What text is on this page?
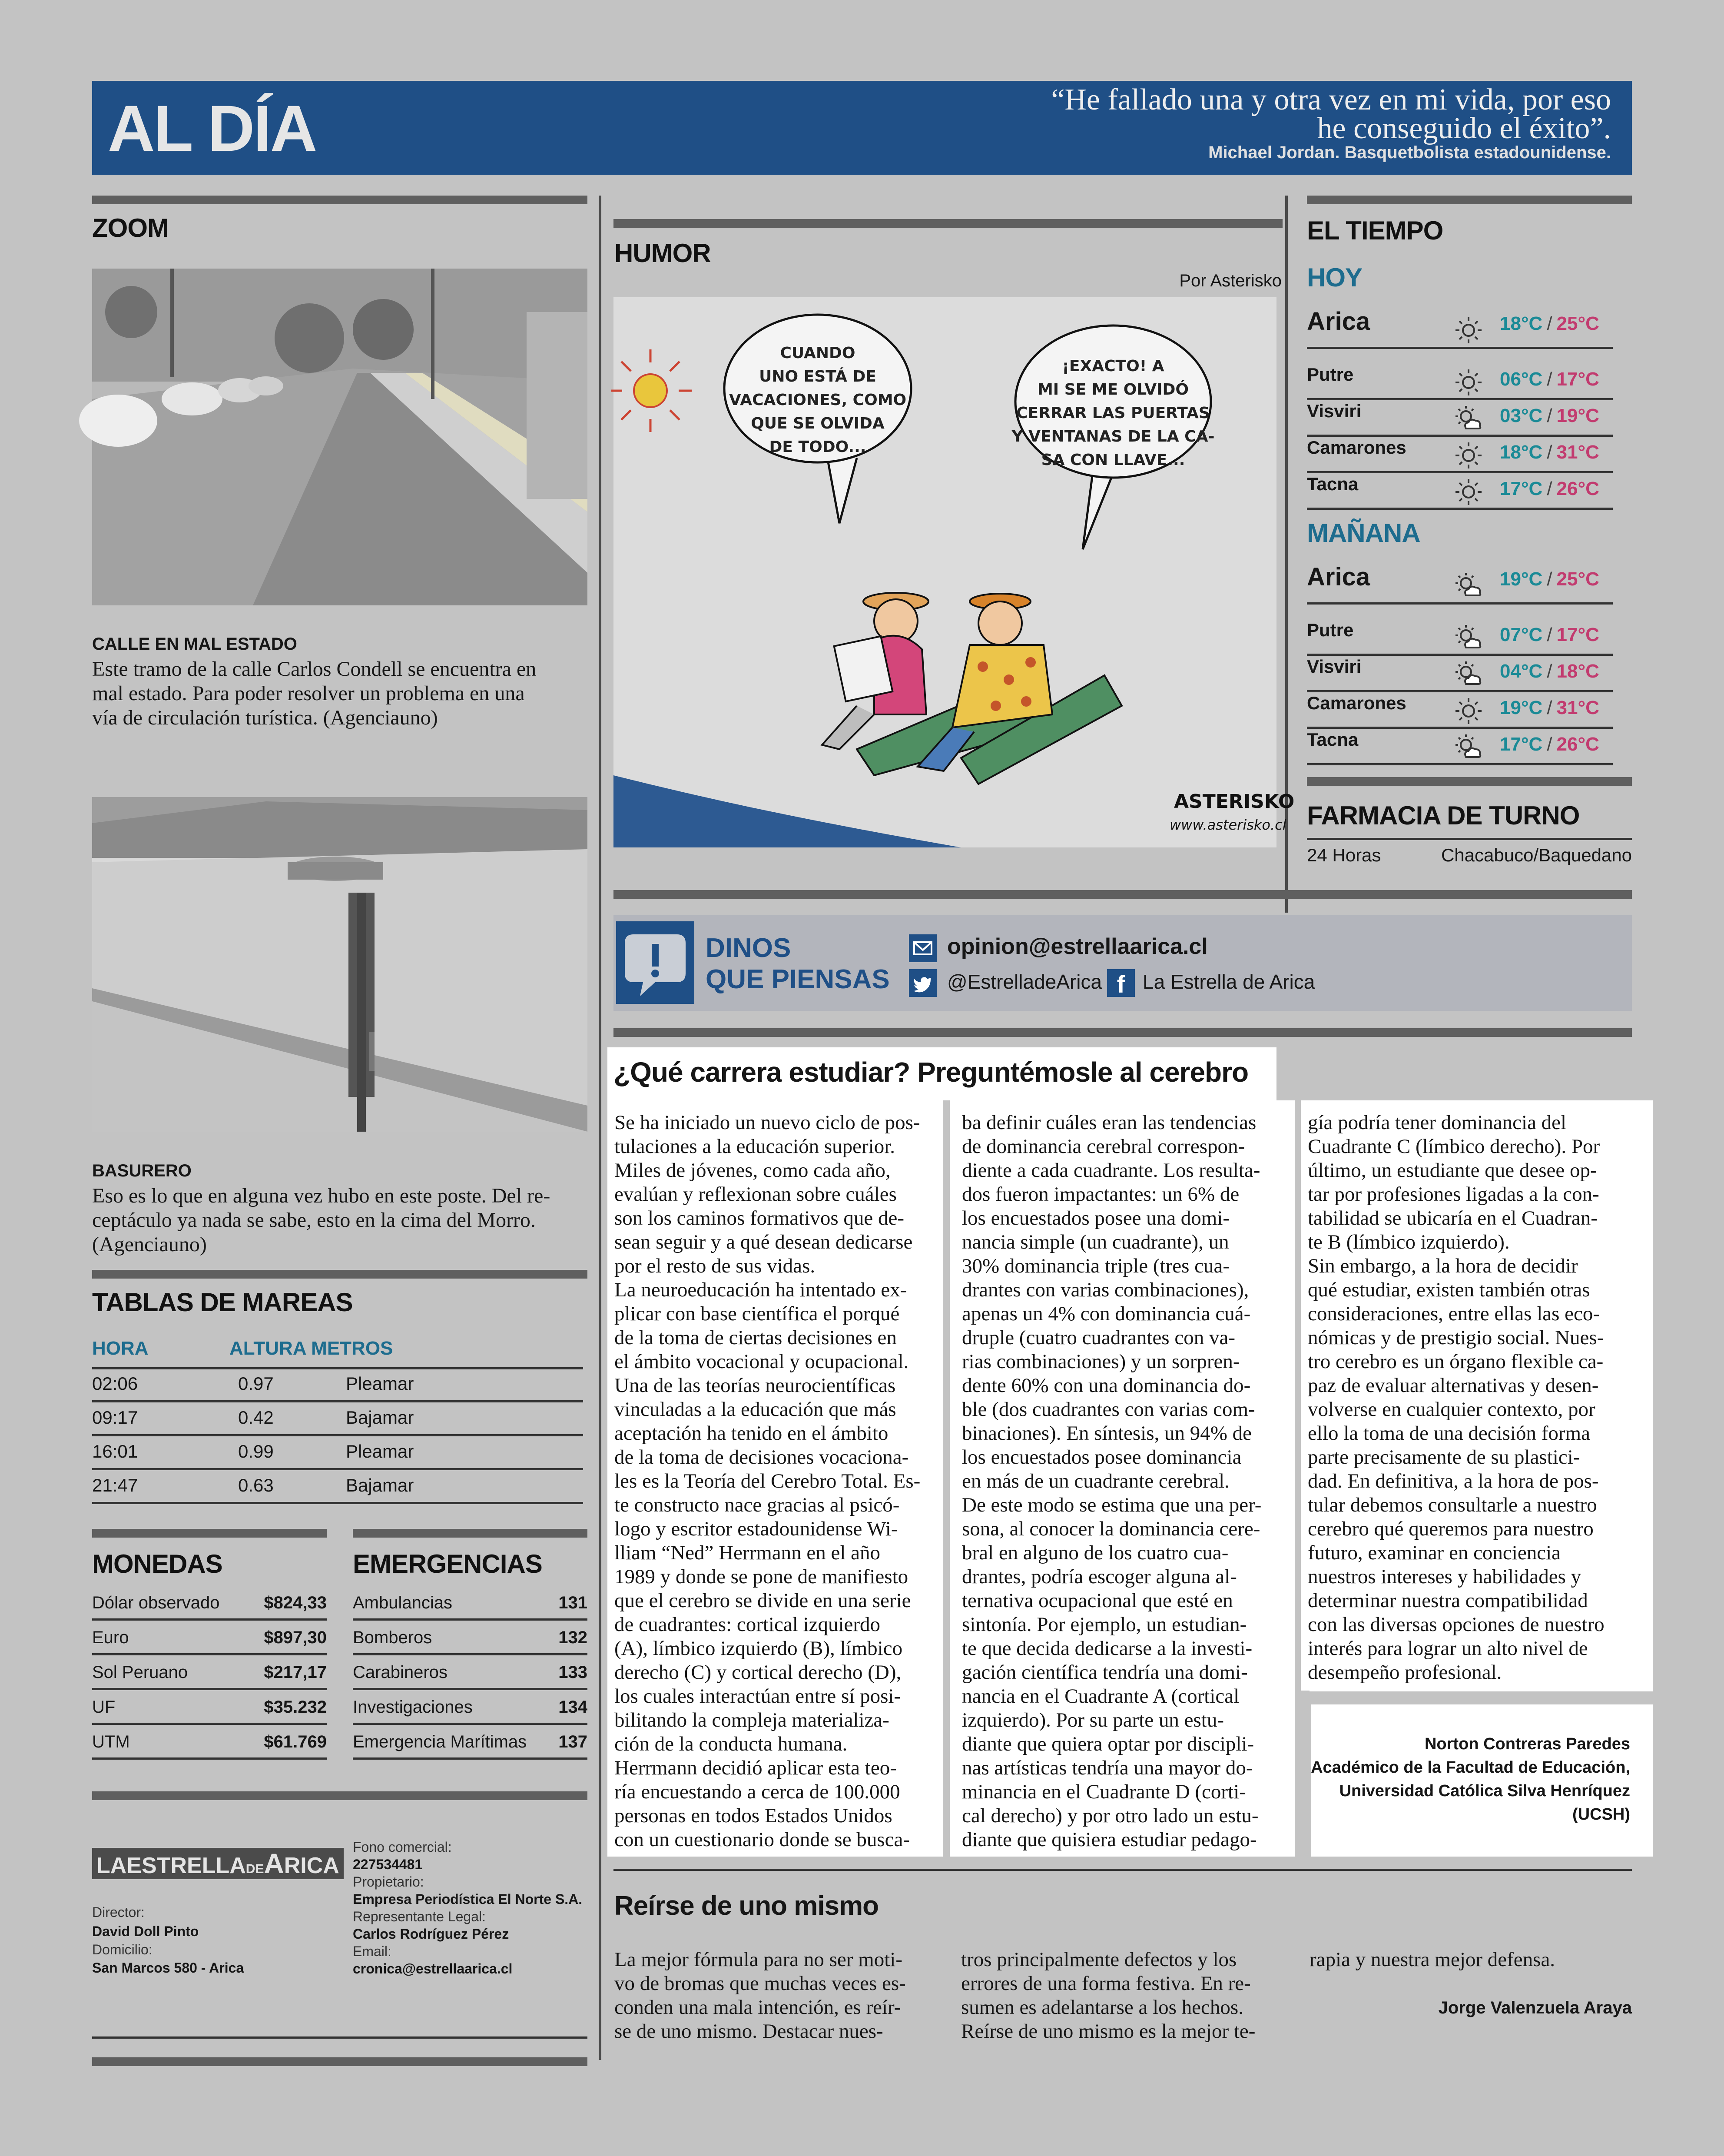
AL DÍA	“He fallado una y otra vez en mi vida, por eso
he conseguido el éxito”.
Michael Jordan. Basquetbolista estadounidense.
ZOOM
CALLE EN MAL ESTADO
Este tramo de la calle Carlos Condell se encuentra en
mal estado. Para poder resolver un problema en una
vía de circulación turística. (Agenciauno)
BASURERO
Eso es lo que en alguna vez hubo en este poste. Del re-
ceptáculo ya nada se sabe, esto en la cima del Morro.
(Agenciauno)
TABLAS DE MAREAS
HORA	ALTURA METROS
02:06	0.97	Pleamar
09:17	0.42	Bajamar
16:01	0.99	Pleamar
21:47	0.63	Bajamar
MONEDAS	EMERGENCIAS
Dólar observado	$824,33
Euro	$897,30
Sol Peruano	$217,17
UF	$35.232
UTM	$61.769
Ambulancias	131
Bomberos	132
Carabineros	133
Investigaciones	134
Emergencia Marítimas 137
LAESTRELLADEARICA
Director:
David Doll Pinto
Domicilio:
San Marcos 580 - Arica
Fono comercial:
227534481
Propietario:
Empresa Periodística El Norte S.A.
Representante Legal:
Carlos Rodríguez Pérez
Email:
cronica@estrellaarica.cl
HUMOR
Por Asterisko
ASTERISKO
www.asterisko.cl
CUANDO
UNO ESTÁ DE
VACACIONES, COMO
QUE SE OLVIDA
DE TODO...
¡EXACTO! A
MI SE ME OLVIDÓ
CERRAR LAS PUERTAS
Y VENTANAS DE LA CA-
SA CON LLAVE...
EL TIEMPO
HOY
MAÑANA
Arica	18°C / 25°C
Putre	06°C / 17°C
Visviri	03°C / 19°C
Camarones	18°C / 31°C
Tacna	17°C / 26°C
Arica	19°C / 25°C
Putre	07°C / 17°C
Visviri	04°C / 18°C
Camarones	19°C / 31°C
Tacna	17°C / 26°C
FARMACIA DE TURNO
24 Horas	Chacabuco/Baquedano
DINOS
QUE PIENSAS
opinion@estrellaarica.cl
@EstrelladeArica f La Estrella de Arica
¿Qué carrera estudiar? Preguntémosle al cerebro
Se ha iniciado un nuevo ciclo de pos-
tulaciones a la educación superior.
Miles de jóvenes, como cada año,
evalúan y reflexionan sobre cuáles
son los caminos formativos que de-
sean seguir y a qué desean dedicarse
por el resto de sus vidas.
La neuroeducación ha intentado ex-
plicar con base científica el porqué
de la toma de ciertas decisiones en
el ámbito vocacional y ocupacional.
Una de las teorías neurocientíficas
vinculadas a la educación que más
aceptación ha tenido en el ámbito
de la toma de decisiones vocaciona-
les es la Teoría del Cerebro Total. Es-
te constructo nace gracias al psicó-
logo y escritor estadounidense Wi-
lliam “Ned” Herrmann en el año
1989 y donde se pone de manifiesto
que el cerebro se divide en una serie
de cuadrantes: cortical izquierdo
(A), límbico izquierdo (B), límbico
derecho (C) y cortical derecho (D),
los cuales interactúan entre sí posi-
bilitando la compleja materializa-
ción de la conducta humana.
Herrmann decidió aplicar esta teo-
ría encuestando a cerca de 100.000
personas en todos Estados Unidos
con un cuestionario donde se busca-
ba definir cuáles eran las tendencias
de dominancia cerebral correspon-
diente a cada cuadrante. Los resulta-
dos fueron impactantes: un 6% de
los encuestados posee una domi-
nancia simple (un cuadrante), un
30% dominancia triple (tres cua-
drantes con varias combinaciones),
apenas un 4% con dominancia cuá-
druple (cuatro cuadrantes con va-
rias combinaciones) y un sorpren-
dente 60% con una dominancia do-
ble (dos cuadrantes con varias com-
binaciones). En síntesis, un 94% de
los encuestados posee dominancia
en más de un cuadrante cerebral.
De este modo se estima que una per-
sona, al conocer la dominancia cere-
bral en alguno de los cuatro cua-
drantes, podría escoger alguna al-
ternativa ocupacional que esté en
sintonía. Por ejemplo, un estudian-
te que decida dedicarse a la investi-
gación científica tendría una domi-
nancia en el Cuadrante A (cortical
izquierdo). Por su parte un estu-
diante que quiera optar por discipli-
nas artísticas tendría una mayor do-
minancia en el Cuadrante D (corti-
cal derecho) y por otro lado un estu-
diante que quisiera estudiar pedago-
gía podría tener dominancia del
Cuadrante C (límbico derecho). Por
último, un estudiante que desee op-
tar por profesiones ligadas a la con-
tabilidad se ubicaría en el Cuadran-
te B (límbico izquierdo).
Sin embargo, a la hora de decidir
qué estudiar, existen también otras
consideraciones, entre ellas las eco-
nómicas y de prestigio social. Nues-
tro cerebro es un órgano flexible ca-
paz de evaluar alternativas y desen-
volverse en cualquier contexto, por
ello la toma de una decisión forma
parte precisamente de su plastici-
dad. En definitiva, a la hora de pos-
tular debemos consultarle a nuestro
cerebro qué queremos para nuestro
futuro, examinar en conciencia
nuestros intereses y habilidades y
determinar nuestra compatibilidad
con las diversas opciones de nuestro
interés para lograr un alto nivel de
desempeño profesional.
Norton Contreras Paredes
Académico de la Facultad de Educación,
Universidad Católica Silva Henríquez
(UCSH)
Reírse de uno mismo
La mejor fórmula para no ser moti-
vo de bromas que muchas veces es-
conden una mala intención, es reír-
se de uno mismo. Destacar nues-
tros principalmente defectos y los
errores de una forma festiva. En re-
sumen es adelantarse a los hechos.
Reírse de uno mismo es la mejor te-
rapia y nuestra mejor defensa.
Jorge Valenzuela Araya
